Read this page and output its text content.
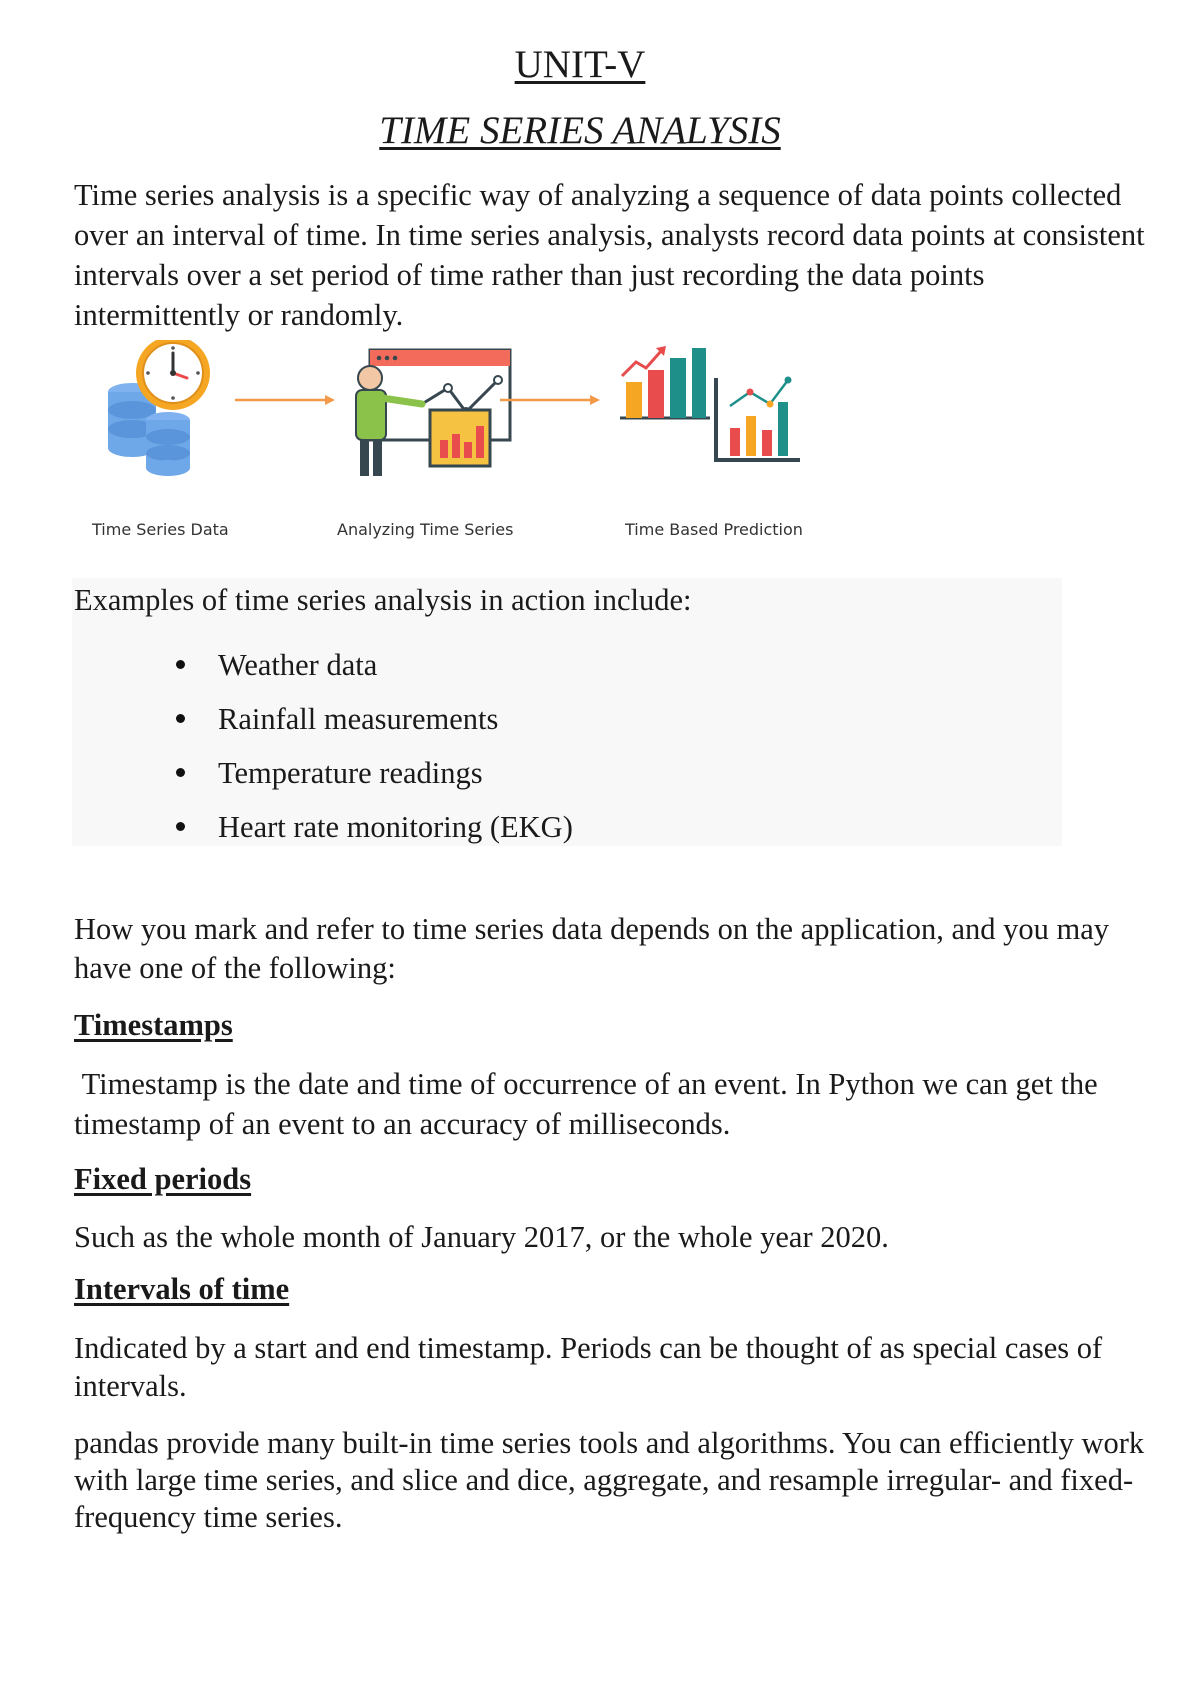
UNIT-V
TIME SERIES ANALYSIS

Time series analysis is a specific way of analyzing a sequence of data points collected over an interval of time. In time series analysis, analysts record data points at consistent intervals over a set period of time rather than just recording the data points intermittently or randomly.

Time Series Data	Analyzing Time Series	Time Based Prediction

Examples of time series analysis in action include:

Weather data
Rainfall measurements
Temperature readings
Heart rate monitoring (EKG)

How you mark and refer to time series data depends on the application, and you may have one of the following:

Timestamps

Timestamp is the date and time of occurrence of an event. In Python we can get the timestamp of an event to an accuracy of milliseconds.

Fixed periods

Such as the whole month of January 2017, or the whole year 2020.

Intervals of time

Indicated by a start and end timestamp. Periods can be thought of as special cases of intervals.

pandas provide many built-in time series tools and algorithms. You can efficiently work with large time series, and slice and dice, aggregate, and resample irregular- and fixed-frequency time series.
